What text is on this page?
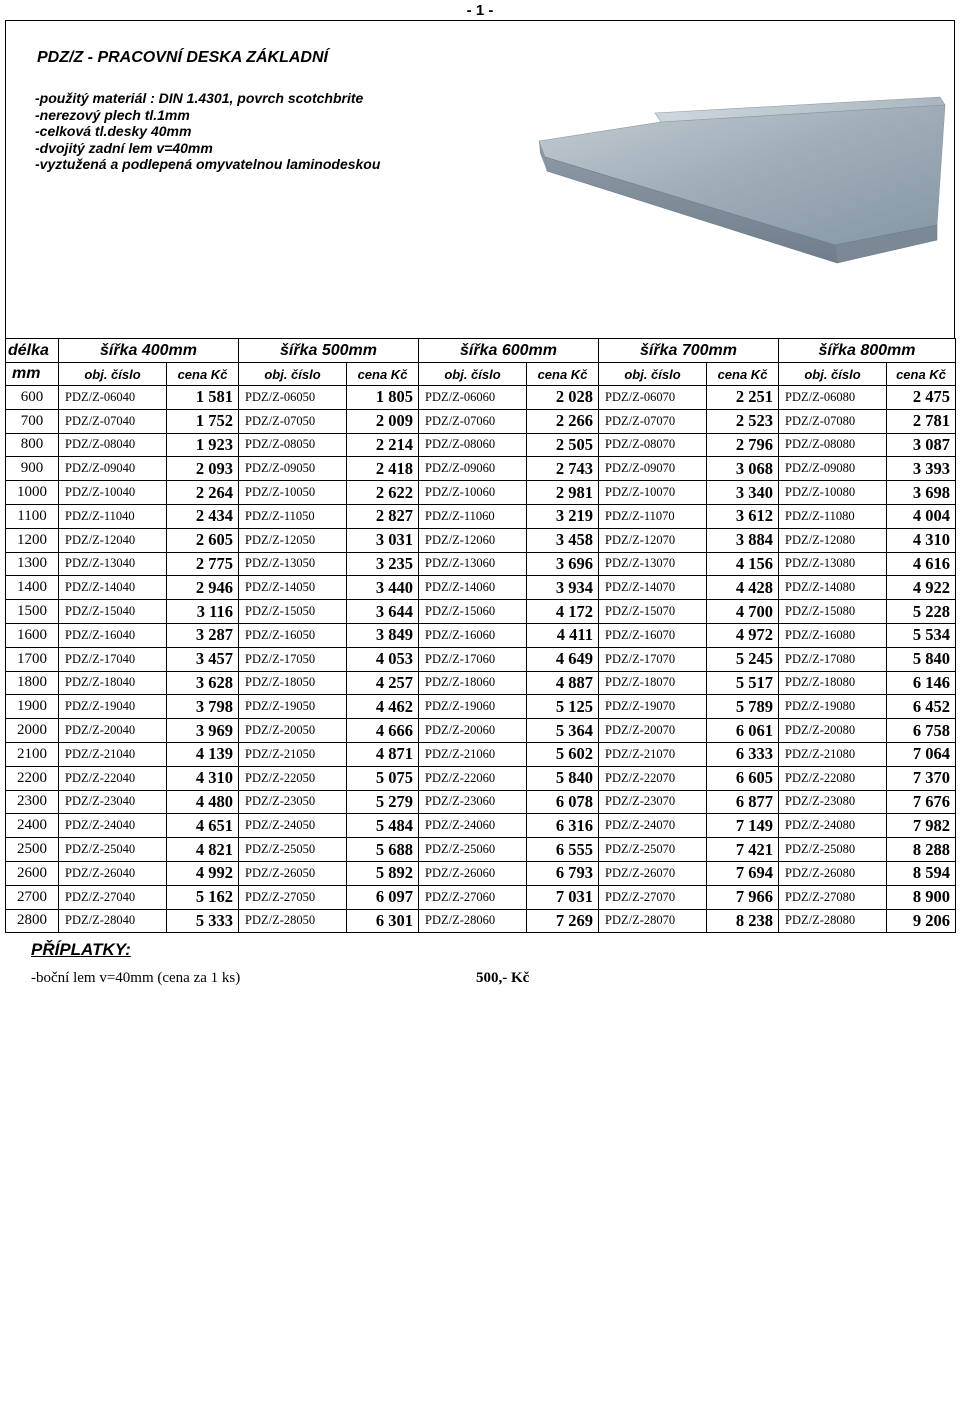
- 1 -
PDZ/Z - PRACOVNÍ DESKA ZÁKLADNÍ
-použitý materiál : DIN 1.4301, povrch scotchbrite
-nerezový plech tl.1mm
-celková tl.desky 40mm
-dvojitý zadní lem v=40mm
-vyztužená a podlepená omyvatelnou laminodeskou
délka	šířka 400mm		šířka 500mm		šířka 600mm		šířka 700mm		šířka 800mm	
mm	obj. číslo	cena Kč	obj. číslo	cena Kč	obj. číslo	cena Kč	obj. číslo	cena Kč	obj. číslo	cena Kč
600	PDZ/Z-06040	1 581	PDZ/Z-06050	1 805	PDZ/Z-06060	2 028	PDZ/Z-06070	2 251	PDZ/Z-06080	2 475
700	PDZ/Z-07040	1 752	PDZ/Z-07050	2 009	PDZ/Z-07060	2 266	PDZ/Z-07070	2 523	PDZ/Z-07080	2 781
800	PDZ/Z-08040	1 923	PDZ/Z-08050	2 214	PDZ/Z-08060	2 505	PDZ/Z-08070	2 796	PDZ/Z-08080	3 087
900	PDZ/Z-09040	2 093	PDZ/Z-09050	2 418	PDZ/Z-09060	2 743	PDZ/Z-09070	3 068	PDZ/Z-09080	3 393
1000	PDZ/Z-10040	2 264	PDZ/Z-10050	2 622	PDZ/Z-10060	2 981	PDZ/Z-10070	3 340	PDZ/Z-10080	3 698
1100	PDZ/Z-11040	2 434	PDZ/Z-11050	2 827	PDZ/Z-11060	3 219	PDZ/Z-11070	3 612	PDZ/Z-11080	4 004
1200	PDZ/Z-12040	2 605	PDZ/Z-12050	3 031	PDZ/Z-12060	3 458	PDZ/Z-12070	3 884	PDZ/Z-12080	4 310
1300	PDZ/Z-13040	2 775	PDZ/Z-13050	3 235	PDZ/Z-13060	3 696	PDZ/Z-13070	4 156	PDZ/Z-13080	4 616
1400	PDZ/Z-14040	2 946	PDZ/Z-14050	3 440	PDZ/Z-14060	3 934	PDZ/Z-14070	4 428	PDZ/Z-14080	4 922
1500	PDZ/Z-15040	3 116	PDZ/Z-15050	3 644	PDZ/Z-15060	4 172	PDZ/Z-15070	4 700	PDZ/Z-15080	5 228
1600	PDZ/Z-16040	3 287	PDZ/Z-16050	3 849	PDZ/Z-16060	4 411	PDZ/Z-16070	4 972	PDZ/Z-16080	5 534
1700	PDZ/Z-17040	3 457	PDZ/Z-17050	4 053	PDZ/Z-17060	4 649	PDZ/Z-17070	5 245	PDZ/Z-17080	5 840
1800	PDZ/Z-18040	3 628	PDZ/Z-18050	4 257	PDZ/Z-18060	4 887	PDZ/Z-18070	5 517	PDZ/Z-18080	6 146
1900	PDZ/Z-19040	3 798	PDZ/Z-19050	4 462	PDZ/Z-19060	5 125	PDZ/Z-19070	5 789	PDZ/Z-19080	6 452
2000	PDZ/Z-20040	3 969	PDZ/Z-20050	4 666	PDZ/Z-20060	5 364	PDZ/Z-20070	6 061	PDZ/Z-20080	6 758
2100	PDZ/Z-21040	4 139	PDZ/Z-21050	4 871	PDZ/Z-21060	5 602	PDZ/Z-21070	6 333	PDZ/Z-21080	7 064
2200	PDZ/Z-22040	4 310	PDZ/Z-22050	5 075	PDZ/Z-22060	5 840	PDZ/Z-22070	6 605	PDZ/Z-22080	7 370
2300	PDZ/Z-23040	4 480	PDZ/Z-23050	5 279	PDZ/Z-23060	6 078	PDZ/Z-23070	6 877	PDZ/Z-23080	7 676
2400	PDZ/Z-24040	4 651	PDZ/Z-24050	5 484	PDZ/Z-24060	6 316	PDZ/Z-24070	7 149	PDZ/Z-24080	7 982
2500	PDZ/Z-25040	4 821	PDZ/Z-25050	5 688	PDZ/Z-25060	6 555	PDZ/Z-25070	7 421	PDZ/Z-25080	8 288
2600	PDZ/Z-26040	4 992	PDZ/Z-26050	5 892	PDZ/Z-26060	6 793	PDZ/Z-26070	7 694	PDZ/Z-26080	8 594
2700	PDZ/Z-27040	5 162	PDZ/Z-27050	6 097	PDZ/Z-27060	7 031	PDZ/Z-27070	7 966	PDZ/Z-27080	8 900
2800	PDZ/Z-28040	5 333	PDZ/Z-28050	6 301	PDZ/Z-28060	7 269	PDZ/Z-28070	8 238	PDZ/Z-28080	9 206
PŘÍPLATKY:
-boční lem v=40mm (cena za 1 ks)	500,- Kč
